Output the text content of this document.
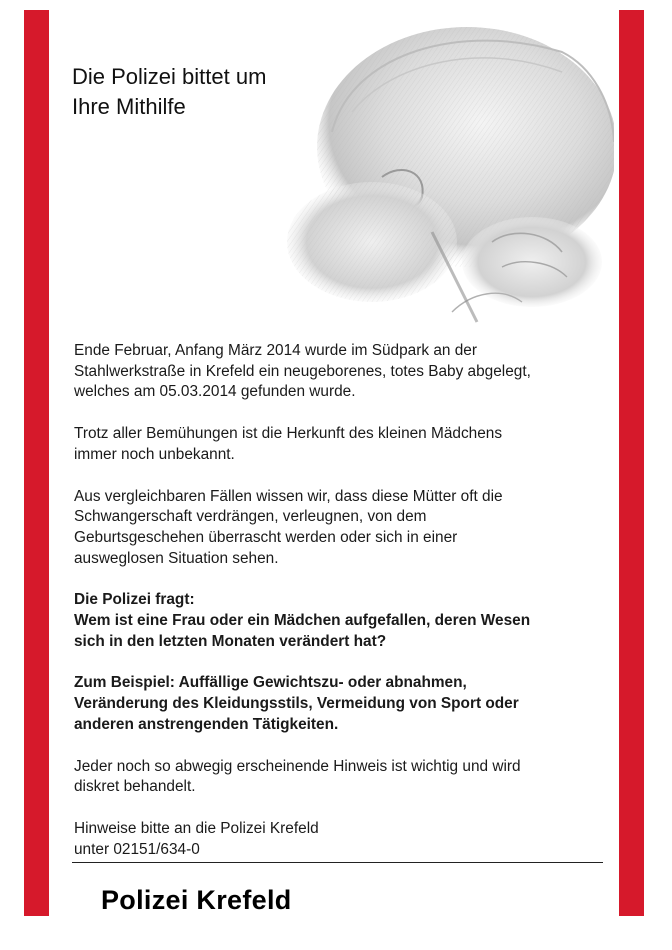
Die Polizei bittet um
Ihre Mithilfe

Ende Februar, Anfang März 2014 wurde im Südpark an der
Stahlwerkstraße in Krefeld ein neugeborenes, totes Baby abgelegt,
welches am 05.03.2014 gefunden wurde.

Trotz aller Bemühungen ist die Herkunft des kleinen Mädchens
immer noch unbekannt.

Aus vergleichbaren Fällen wissen wir, dass diese Mütter oft die
Schwangerschaft verdrängen, verleugnen, von dem
Geburtsgeschehen überrascht werden oder sich in einer
ausweglosen Situation sehen.

Die Polizei fragt:
Wem ist eine Frau oder ein Mädchen aufgefallen, deren Wesen
sich in den letzten Monaten verändert hat?

Zum Beispiel: Auffällige Gewichtszu- oder abnahmen,
Veränderung des Kleidungsstils, Vermeidung von Sport oder
anderen anstrengenden Tätigkeiten.

Jeder noch so abwegig erscheinende Hinweis ist wichtig und wird
diskret behandelt.

Hinweise bitte an die Polizei Krefeld
unter 02151/634-0

Polizei Krefeld
